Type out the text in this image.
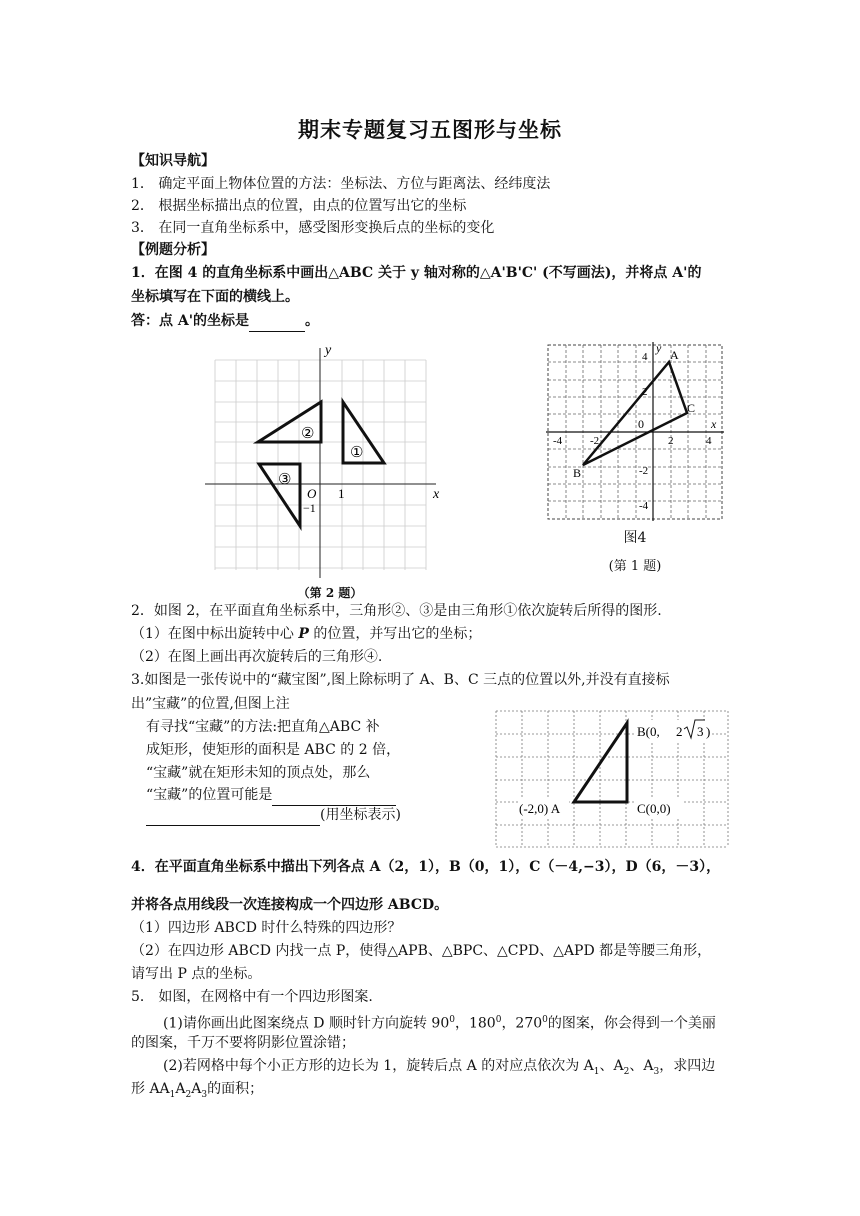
期末专题复习五图形与坐标
【知识导航】
1． 确定平面上物体位置的方法：坐标法、方位与距离法、经纬度法
2． 根据坐标描出点的位置，由点的位置写出它的坐标
3． 在同一直角坐标系中，感受图形变换后点的坐标的变化
【例题分析】
1．在图 4 的直角坐标系中画出△ABC 关于 y 轴对称的△A'B'C' (不写画法)，并将点 A'的
坐标填写在下面的横线上。
答：点 A'的坐标是	。
y
x
O 1
−1
②
①
③
（第 2 题）
y
x
0
-4	-2	2	4
4
2
-2
-4
A
C
B
图4
(第 1 题)
2．如图 2，在平面直角坐标系中，三角形②、③是由三角形①依次旋转后所得的图形.
（1）在图中标出旋转中心 P 的位置，并写出它的坐标；
（2）在图上画出再次旋转后的三角形④.
3.如图是一张传说中的“藏宝图”,图上除标明了 A、B、C 三点的位置以外,并没有直接标
出”宝藏”的位置,但图上注
有寻找“宝藏”的方法:把直角△ABC 补
成矩形，使矩形的面积是 ABC 的 2 倍，
“宝藏”就在矩形未知的顶点处，那么
“宝藏”的位置可能是
(用坐标表示)	(-2,0) A	C(0,0)
B(0, 2 3 )
4．在平面直角坐标系中描出下列各点 A（2，1），B（0，1），C（－4,−3），D（6，－3），
并将各点用线段一次连接构成一个四边形 ABCD。
（1）四边形 ABCD 时什么特殊的四边形？
（2）在四边形 ABCD 内找一点 P，使得△APB、△BPC、△CPD、△APD 都是等腰三角形，
请写出 P 点的坐标。
5． 如图，在网格中有一个四边形图案.
(1)请你画出此图案绕点 D 顺时针方向旋转 $90^0$，$180^0$，$270^0$的图案，你会得到一个美丽
的图案，千万不要将阴影位置涂错；
(2)若网格中每个小正方形的边长为 1，旋转后点 A 的对应点依次为 $A_1$、$A_2$、$A_3$，求四边
形 $AA_1A_2A_3$的面积；
